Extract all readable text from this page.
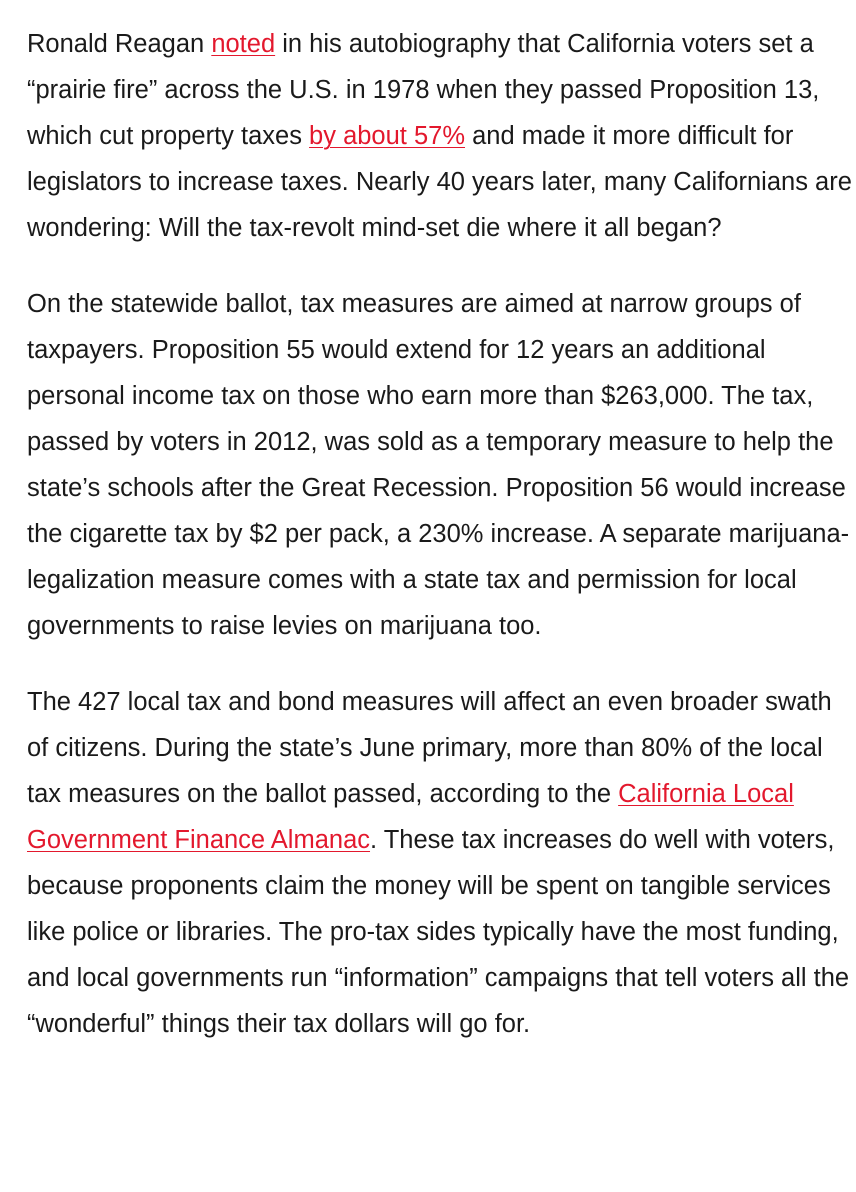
Ronald Reagan noted in his autobiography that California voters set a “prairie fire” across the U.S. in 1978 when they passed Proposition 13, which cut property taxes by about 57% and made it more difficult for legislators to increase taxes. Nearly 40 years later, many Californians are wondering: Will the tax-revolt mind-set die where it all began?

On the statewide ballot, tax measures are aimed at narrow groups of taxpayers. Proposition 55 would extend for 12 years an additional personal income tax on those who earn more than $263,000. The tax, passed by voters in 2012, was sold as a temporary measure to help the state’s schools after the Great Recession. Proposition 56 would increase the cigarette tax by $2 per pack, a 230% increase. A separate marijuana-legalization measure comes with a state tax and permission for local governments to raise levies on marijuana too.

The 427 local tax and bond measures will affect an even broader swath of citizens. During the state’s June primary, more than 80% of the local tax measures on the ballot passed, according to the California Local Government Finance Almanac. These tax increases do well with voters, because proponents claim the money will be spent on tangible services like police or libraries. The pro-tax sides typically have the most funding, and local governments run “information” campaigns that tell voters all the “wonderful” things their tax dollars will go for.
